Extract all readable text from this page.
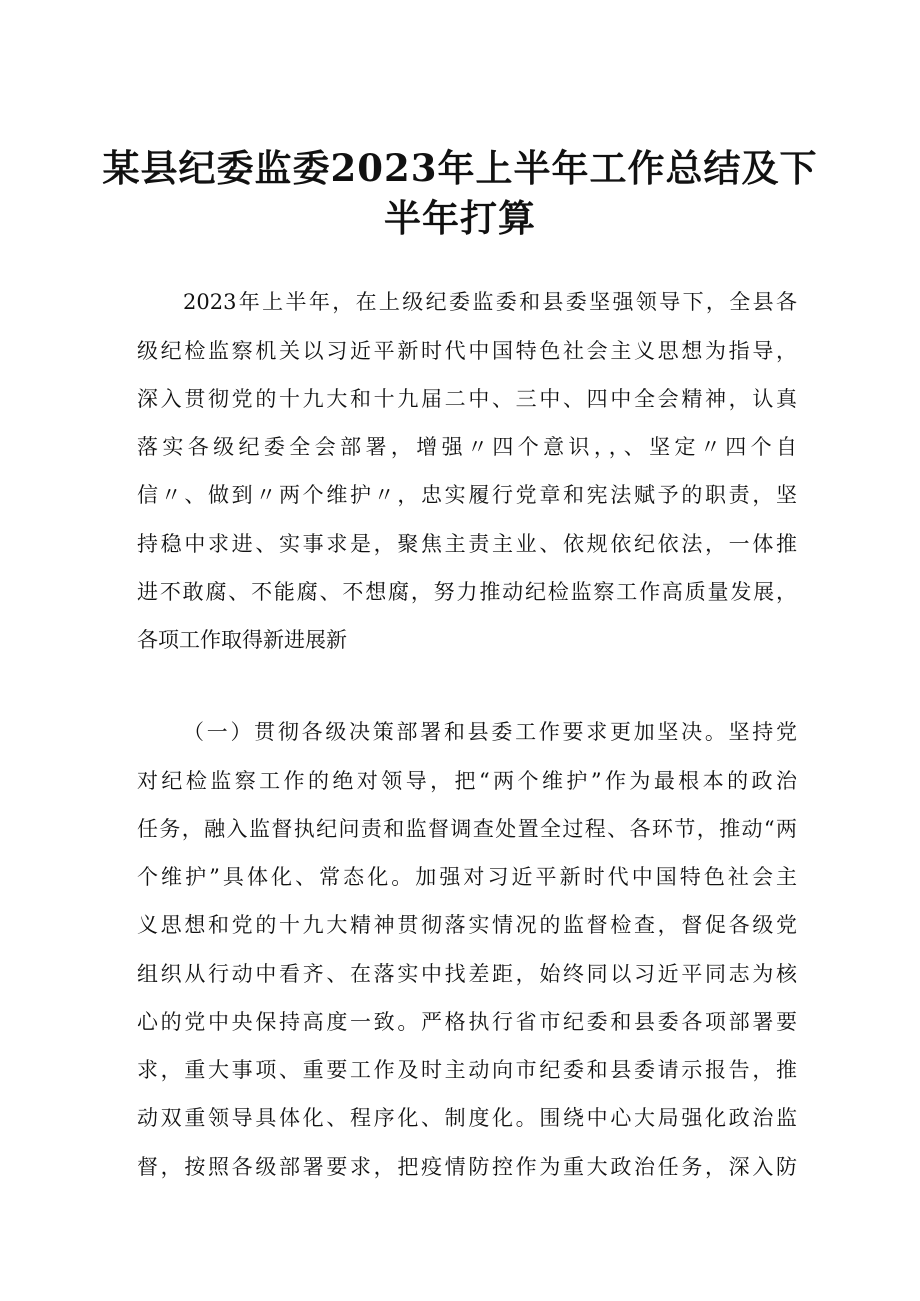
某县纪委监委2023年上半年工作总结及下
半年打算
2023年上半年，在上级纪委监委和县委坚强领导下，全县各
级纪检监察机关以习近平新时代中国特色社会主义思想为指导，
深入贯彻党的十九大和十九届二中、三中、四中全会精神，认真
落实各级纪委全会部署，增强〃四个意识，，、坚定〃四个自
信〃、做到〃两个维护〃，忠实履行党章和宪法赋予的职责，坚
持稳中求进、实事求是，聚焦主责主业、依规依纪依法，一体推
进不敢腐、不能腐、不想腐，努力推动纪检监察工作高质量发展，
各项工作取得新进展新
（一）贯彻各级决策部署和县委工作要求更加坚决。坚持党
对纪检监察工作的绝对领导，把“两个维护”作为最根本的政治
任务，融入监督执纪问责和监督调查处置全过程、各环节，推动“两
个维护”具体化、常态化。加强对习近平新时代中国特色社会主
义思想和党的十九大精神贯彻落实情况的监督检查，督促各级党
组织从行动中看齐、在落实中找差距，始终同以习近平同志为核
心的党中央保持高度一致。严格执行省市纪委和县委各项部署要
求，重大事项、重要工作及时主动向市纪委和县委请示报告，推
动双重领导具体化、程序化、制度化。围绕中心大局强化政治监
督，按照各级部署要求，把疫情防控作为重大政治任务，深入防
